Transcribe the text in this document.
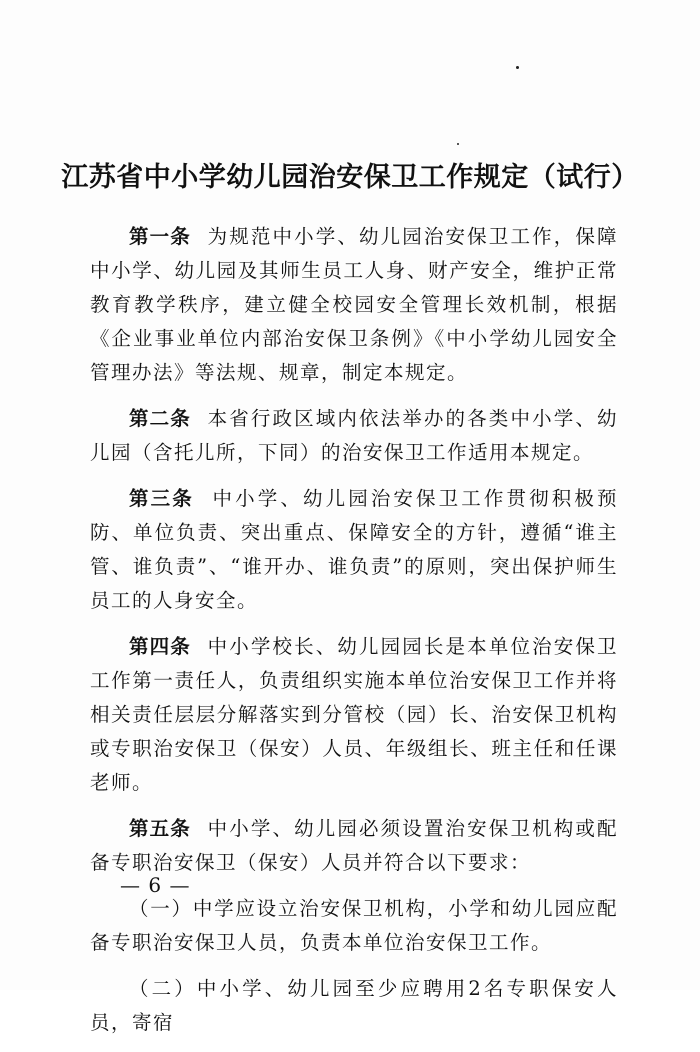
江苏省中小学幼儿园治安保卫工作规定（试行）

第一条 为规范中小学、幼儿园治安保卫工作，保障中小学、幼儿园及其师生员工人身、财产安全，维护正常教育教学秩序，建立健全校园安全管理长效机制，根据《企业事业单位内部治安保卫条例》《中小学幼儿园安全管理办法》等法规、规章，制定本规定。

第二条 本省行政区域内依法举办的各类中小学、幼儿园（含托儿所，下同）的治安保卫工作适用本规定。

第三条 中小学、幼儿园治安保卫工作贯彻积极预防、单位负责、突出重点、保障安全的方针，遵循“谁主管、谁负责”、“谁开办、谁负责”的原则，突出保护师生员工的人身安全。

第四条 中小学校长、幼儿园园长是本单位治安保卫工作第一责任人，负责组织实施本单位治安保卫工作并将相关责任层层分解落实到分管校（园）长、治安保卫机构或专职治安保卫（保安）人员、年级组长、班主任和任课老师。

第五条 中小学、幼儿园必须设置治安保卫机构或配备专职治安保卫（保安）人员并符合以下要求：

（一）中学应设立治安保卫机构，小学和幼儿园应配备专职治安保卫人员，负责本单位治安保卫工作。

（二）中小学、幼儿园至少应聘用2名专职保安人员，寄宿

— 6 —
